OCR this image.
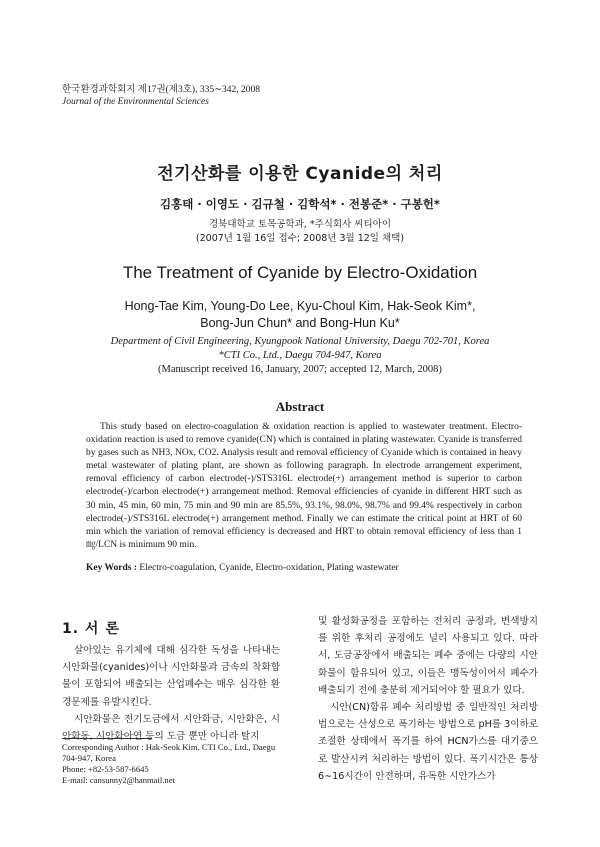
한국환경과학회지 제17권(제3호), 335∼342, 2008
Journal of the Environmental Sciences
전기산화를 이용한 Cyanide의 처리
김홍태 · 이영도 · 김규철 · 김학석* · 전봉준* · 구봉헌*
경북대학교 토목공학과, *주식회사 씨티아이
(2007년 1월 16일 접수; 2008년 3월 12일 채택)
The Treatment of Cyanide by Electro-Oxidation
Hong-Tae Kim, Young-Do Lee, Kyu-Choul Kim, Hak-Seok Kim*,
Bong-Jun Chun* and Bong-Hun Ku*
Department of Civil Engineering, Kyungpook National University, Daegu 702-701, Korea
*CTI Co., Ltd., Daegu 704-947, Korea
(Manuscript received 16, January, 2007; accepted 12, March, 2008)
Abstract
This study based on electro-coagulation & oxidation reaction is applied to wastewater treatment. Electro-oxidation reaction is used to remove cyanide(CN) which is contained in plating wastewater. Cyanide is transferred by gases such as NH3, NOx, CO2. Analysis result and removal efficiency of Cyanide which is contained in heavy metal wastewater of plating plant, are shown as following paragraph. In electrode arrangement experiment, removal efficiency of carbon electrode(-)/STS316L electrode(+) arrangement method is superior to carbon electrode(-)/carbon electrode(+) arrangement method. Removal efficiencies of cyanide in different HRT such as 30 min, 45 min, 60 min, 75 min and 90 min are 85.5%, 93.1%, 98.0%, 98.7% and 99.4% respectively in carbon electrode(-)/STS316L electrode(+) arrangement method. Finally we can estimate the critical point at HRT of 60 min which the variation of removal efficiency is decreased and HRT to obtain removal efficiency of less than 1 ㎎/LCN is minimum 90 min.
Key Words : Electro-coagulation, Cyanide, Electro-oxidation, Plating wastewater
1. 서 론

살아있는 유기체에 대해 심각한 독성을 나타내는 시안화물(cyanides)이나 시안화물과 금속의 착화합물이 포함되어 배출되는 산업폐수는 매우 심각한 환경문제를 유발시킨다.

시안화물은 전기도금에서 시안화금, 시안화은, 시안화동, 시안화아연 등의 도금 뿐만 아니라 탈지

및 활성화공정을 포함하는 전처리 공정과, 변색방지를 위한 후처리 공정에도 널리 사용되고 있다. 따라서, 도금공장에서 배출되는 폐수 중에는 다량의 시안화물이 함유되어 있고, 이들은 맹독성이어서 폐수가 배출되기 전에 충분히 제거되어야 할 필요가 있다.

시안(CN)함유 폐수 처리방법 중 일반적인 처리방법으로는 산성으로 폭기하는 방법으로 pH를 3이하로 조절한 상태에서 폭기를 하여 HCN가스를 대기중으로 발산시켜 처리하는 방법이 있다. 폭기시간은 통상 6∼16시간이 안전하며, 유독한 시안가스가

Corresponding Author : Hak-Seok Kim, CTI Co., Ltd., Daegu 704-947, Korea
Phone: +82-53-587-6645
E-mail: cansunny2@hanmail.net
